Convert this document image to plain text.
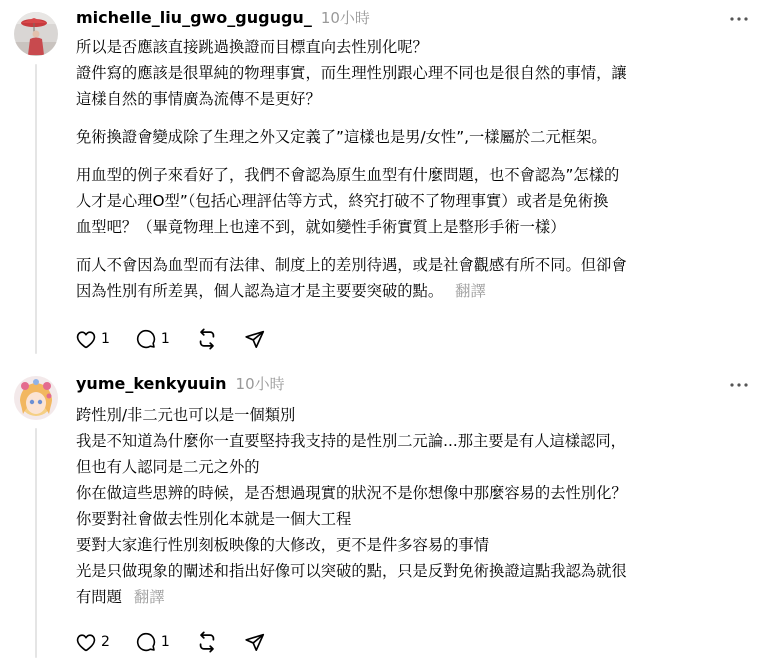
michelle_liu_gwo_gugugu_ 10小時

所以是否應該直接跳過換證而目標直向去性別化呢？
證件寫的應該是很單純的物理事實，而生理性別跟心理不同也是很自然的事情，讓
這樣自然的事情廣為流傳不是更好？

免術換證會變成除了生理之外又定義了”這樣也是男/女性”,一樣屬於二元框架。

用血型的例子來看好了，我們不會認為原生血型有什麼問題，也不會認為”怎樣的
人才是心理O型”（包括心理評估等方式，終究打破不了物理事實）或者是免術換
血型吧？（畢竟物理上也達不到，就如變性手術實質上是整形手術一樣）

而人不會因為血型而有法律、制度上的差別待遇，或是社會觀感有所不同。但卻會
因為性別有所差異，個人認為這才是主要要突破的點。 翻譯

1	1
yume_kenkyuuin 10小時

跨性別/非二元也可以是一個類別
我是不知道為什麼你一直要堅持我支持的是性別二元論...那主要是有人這樣認同，
但也有人認同是二元之外的
你在做這些思辨的時候，是否想過現實的狀況不是你想像中那麼容易的去性別化？
你要對社會做去性別化本就是一個大工程
要對大家進行性別刻板映像的大修改，更不是件多容易的事情
光是只做現象的闡述和指出好像可以突破的點，只是反對免術換證這點我認為就很
有問題 翻譯

2	1
